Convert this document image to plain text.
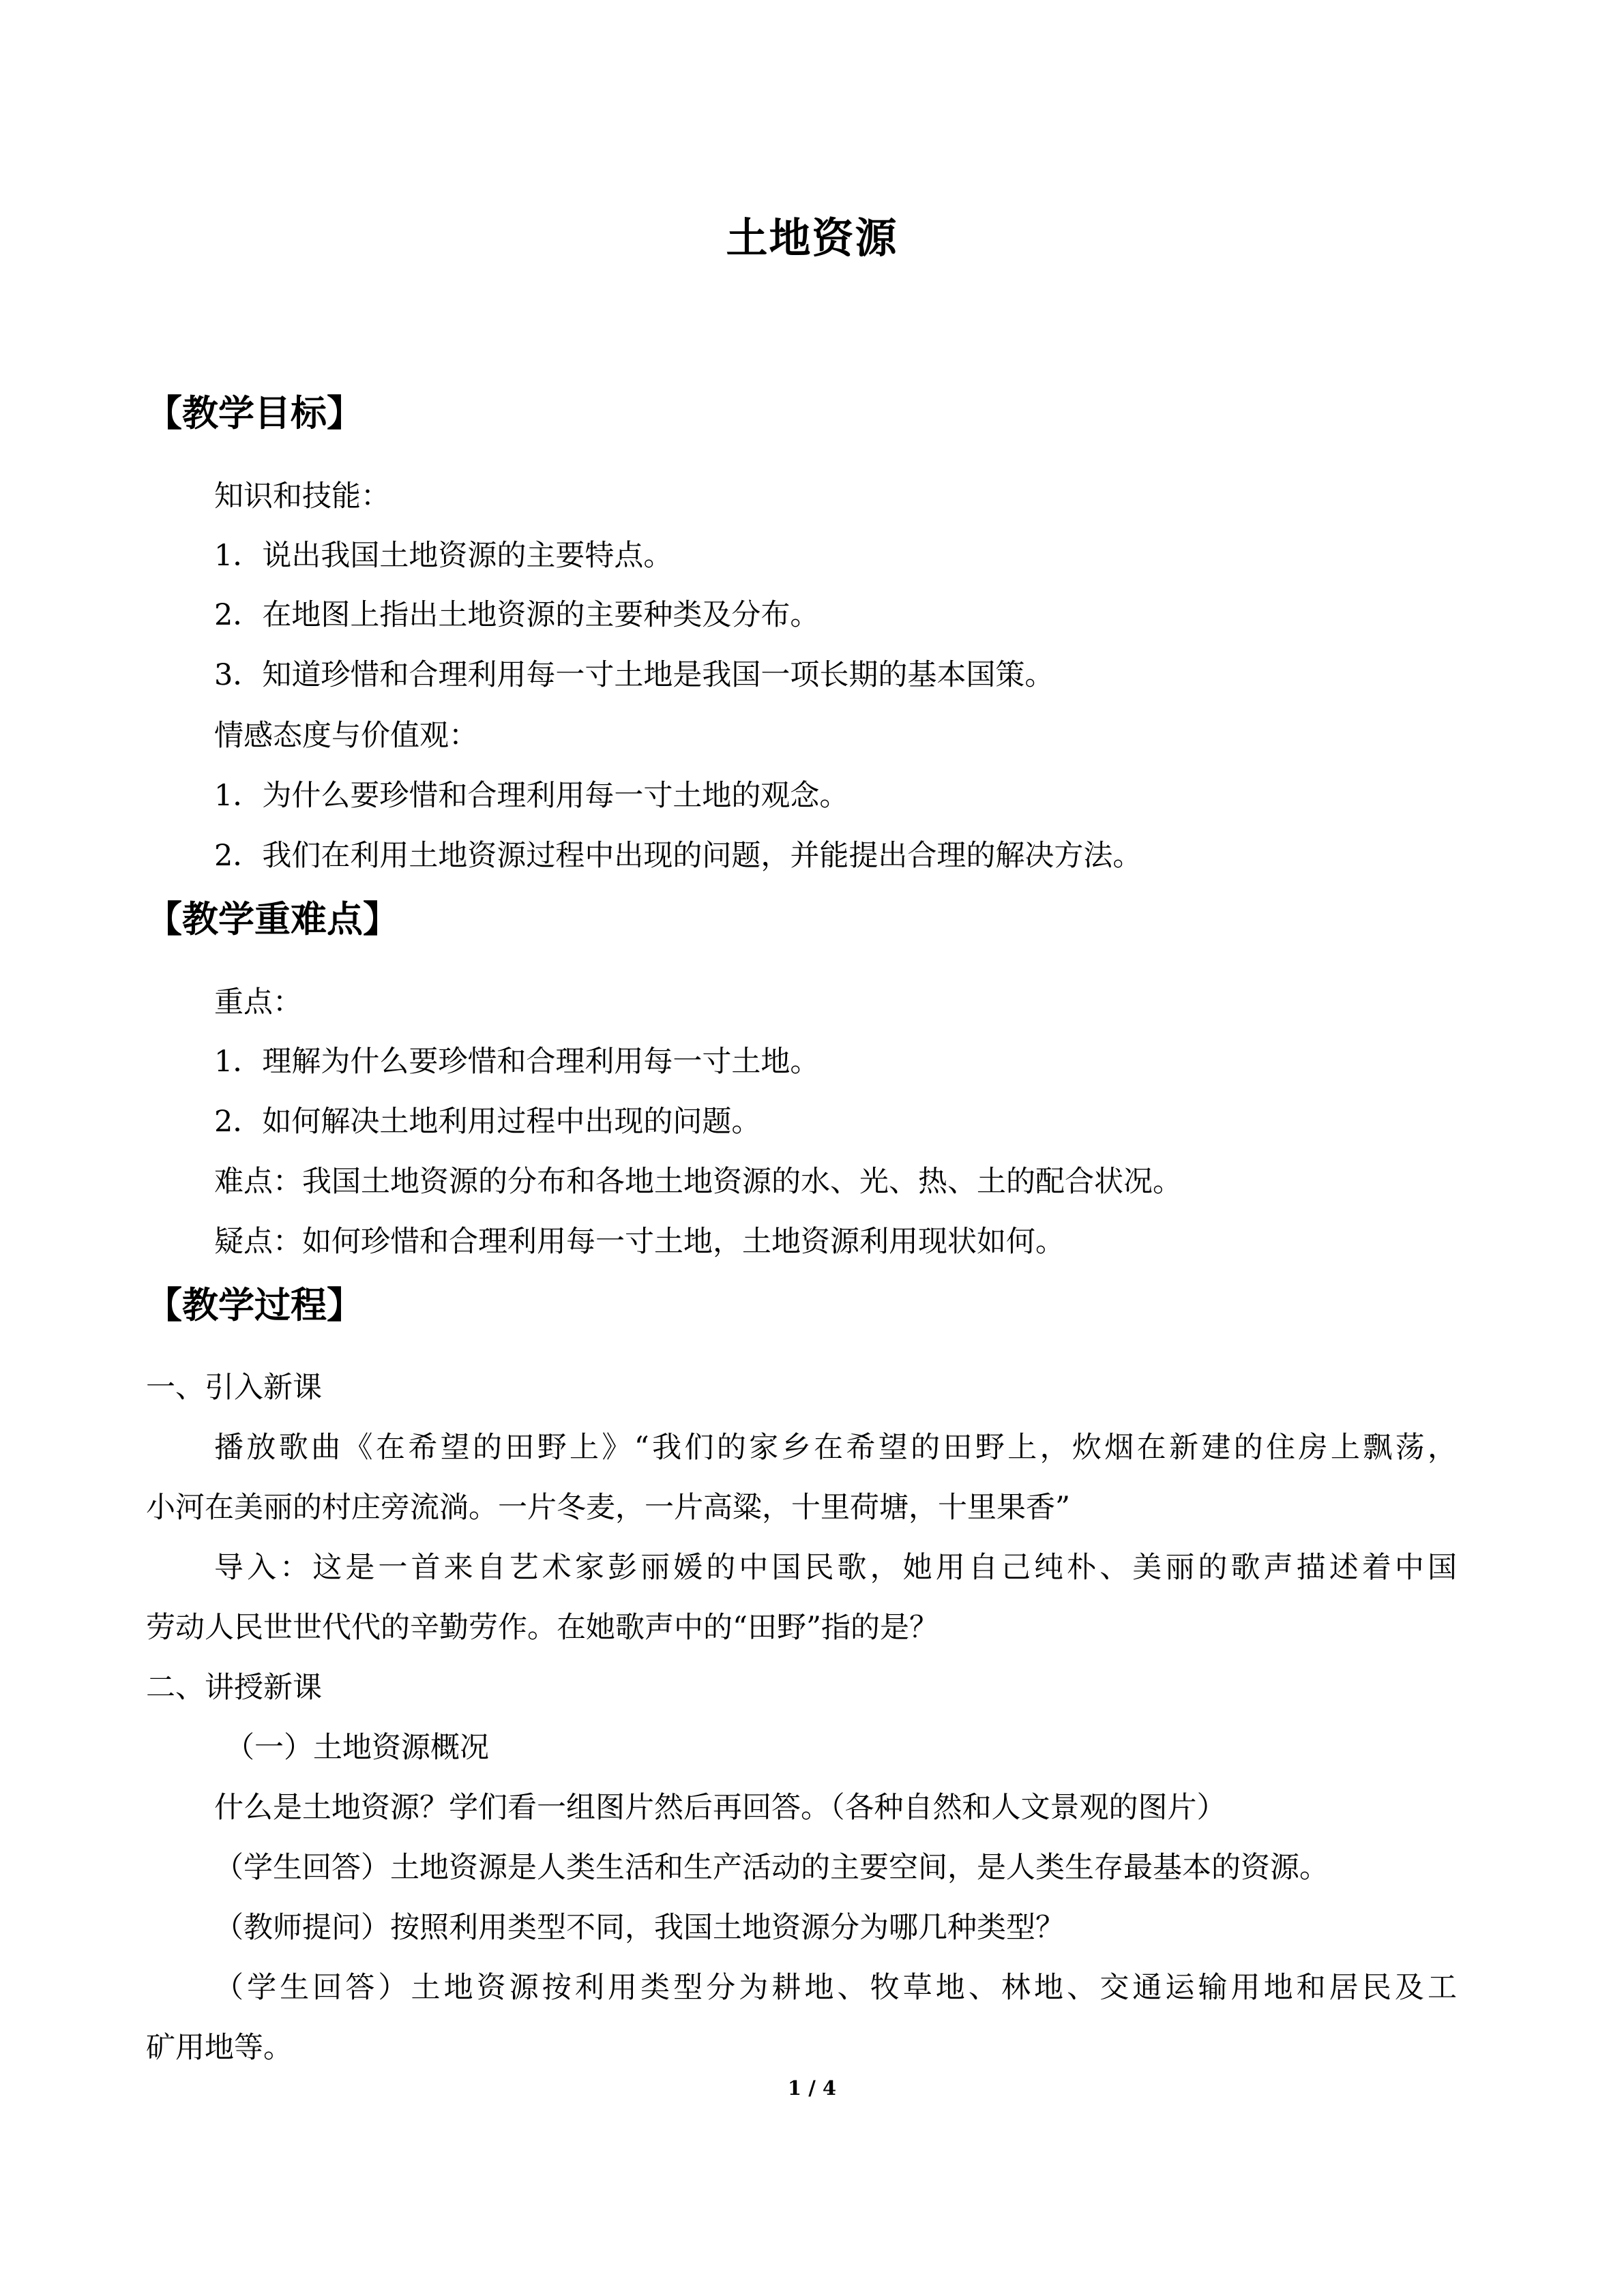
土地资源
【教学目标】
知识和技能：
1．说出我国土地资源的主要特点。
2．在地图上指出土地资源的主要种类及分布。
3．知道珍惜和合理利用每一寸土地是我国一项长期的基本国策。
情感态度与价值观：
1．为什么要珍惜和合理利用每一寸土地的观念。
2．我们在利用土地资源过程中出现的问题，并能提出合理的解决方法。
【教学重难点】
重点：
1．理解为什么要珍惜和合理利用每一寸土地。
2．如何解决土地利用过程中出现的问题。
难点：我国土地资源的分布和各地土地资源的水、光、热、土的配合状况。
疑点：如何珍惜和合理利用每一寸土地，土地资源利用现状如何。
【教学过程】
一、引入新课
播放歌曲《在希望的田野上》“我们的家乡在希望的田野上，炊烟在新建的住房上飘荡，
小河在美丽的村庄旁流淌。一片冬麦，一片高粱，十里荷塘，十里果香”
导入：这是一首来自艺术家彭丽媛的中国民歌，她用自己纯朴、美丽的歌声描述着中国
劳动人民世世代代的辛勤劳作。在她歌声中的“田野”指的是？
二、讲授新课
（一）土地资源概况
什么是土地资源？学们看一组图片然后再回答。（各种自然和人文景观的图片）
（学生回答）土地资源是人类生活和生产活动的主要空间，是人类生存最基本的资源。
（教师提问）按照利用类型不同，我国土地资源分为哪几种类型？
（学生回答）土地资源按利用类型分为耕地、牧草地、林地、交通运输用地和居民及工
矿用地等。
1 / 4
